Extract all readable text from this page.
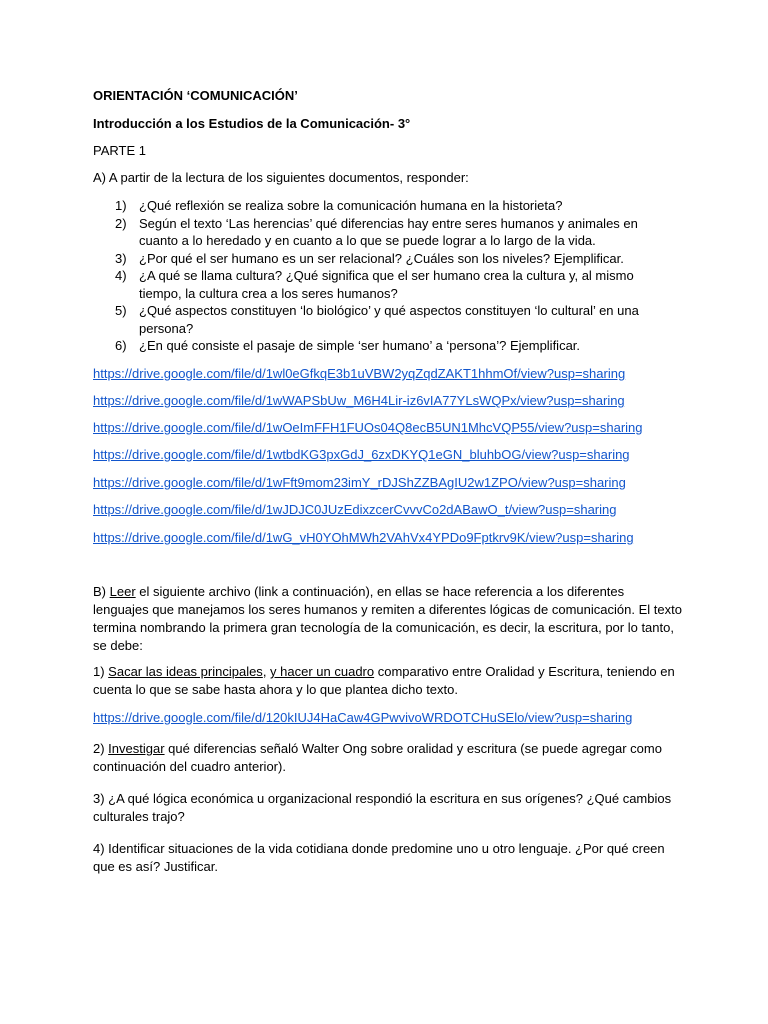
ORIENTACIÓN ‘COMUNICACIÓN’
Introducción a los Estudios de la Comunicación- 3°
PARTE 1
A) A partir de la lectura de los siguientes documentos, responder:
1) ¿Qué reflexión se realiza sobre la comunicación humana en la historieta?
2) Según el texto ‘Las herencias’ qué diferencias hay entre seres humanos y animales en cuanto a lo heredado y en cuanto a lo que se puede lograr a lo largo de la vida.
3) ¿Por qué el ser humano es un ser relacional? ¿Cuáles son los niveles? Ejemplificar.
4) ¿A qué se llama cultura? ¿Qué significa que el ser humano crea la cultura y, al mismo tiempo, la cultura crea a los seres humanos?
5) ¿Qué aspectos constituyen ‘lo biológico’ y qué aspectos constituyen ‘lo cultural’ en una persona?
6) ¿En qué consiste el pasaje de simple ‘ser humano’ a ‘persona’? Ejemplificar.
https://drive.google.com/file/d/1wl0eGfkqE3b1uVBW2yqZqdZAKT1hhmOf/view?usp=sharing
https://drive.google.com/file/d/1wWAPSbUw_M6H4Lir-iz6vIA77YLsWQPx/view?usp=sharing
https://drive.google.com/file/d/1wOeImFFH1FUOs04Q8ecB5UN1MhcVQP55/view?usp=sharing
https://drive.google.com/file/d/1wtbdKG3pxGdJ_6zxDKYQ1eGN_bluhbOG/view?usp=sharing
https://drive.google.com/file/d/1wFft9mom23imY_rDJShZZBAgIU2w1ZPO/view?usp=sharing
https://drive.google.com/file/d/1wJDJC0JUzEdixzcerCvvvCo2dABawO_t/view?usp=sharing
https://drive.google.com/file/d/1wG_vH0YOhMWh2VAhVx4YPDo9Fptkrv9K/view?usp=sharing
B) Leer el siguiente archivo (link a continuación), en ellas se hace referencia a los diferentes lenguajes que manejamos los seres humanos y remiten a diferentes lógicas de comunicación. El texto termina nombrando la primera gran tecnología de la comunicación, es decir, la escritura, por lo tanto, se debe:
1) Sacar las ideas principales, y hacer un cuadro comparativo entre Oralidad y Escritura, teniendo en cuenta lo que se sabe hasta ahora y lo que plantea dicho texto.
https://drive.google.com/file/d/120kIUJ4HaCaw4GPwvivoWRDOTCHuSElo/view?usp=sharing
2) Investigar qué diferencias señaló Walter Ong sobre oralidad y escritura (se puede agregar como continuación del cuadro anterior).
3) ¿A qué lógica económica u organizacional respondió la escritura en sus orígenes? ¿Qué cambios culturales trajo?
4) Identificar situaciones de la vida cotidiana donde predomine uno u otro lenguaje. ¿Por qué creen que es así? Justificar.
